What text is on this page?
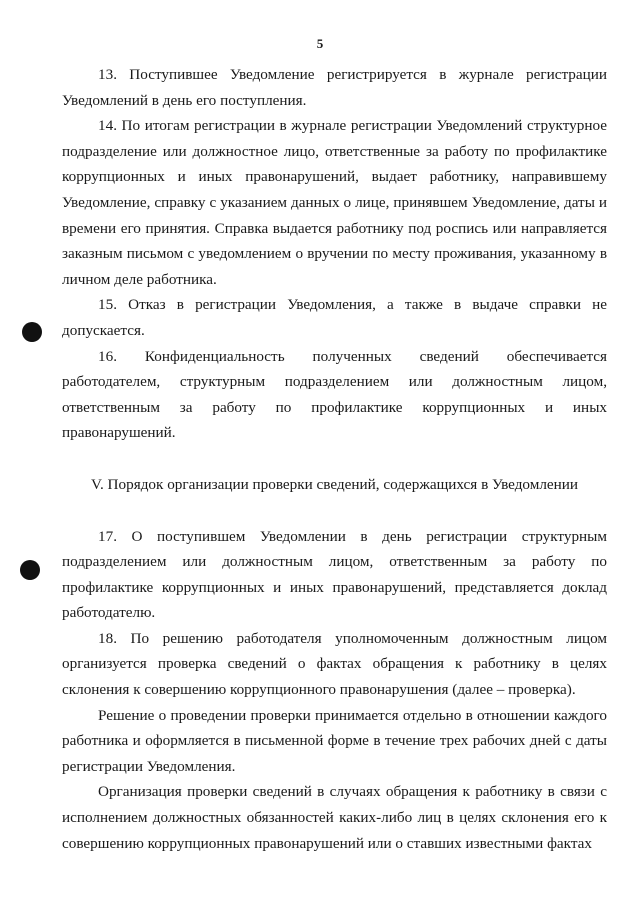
5

13. Поступившее Уведомление регистрируется в журнале регистрации Уведомлений в день его поступления.

14. По итогам регистрации в журнале регистрации Уведомлений структурное подразделение или должностное лицо, ответственные за работу по профилактике коррупционных и иных правонарушений, выдает работнику, направившему Уведомление, справку с указанием данных о лице, принявшем Уведомление, даты и времени его принятия. Справка выдается работнику под роспись или направляется заказным письмом с уведомлением о вручении по месту проживания, указанному в личном деле работника.

15. Отказ в регистрации Уведомления, а также в выдаче справки не допускается.

16. Конфиденциальность полученных сведений обеспечивается работодателем, структурным подразделением или должностным лицом, ответственным за работу по профилактике коррупционных и иных правонарушений.

V. Порядок организации проверки сведений, содержащихся в Уведомлении

17. О поступившем Уведомлении в день регистрации структурным подразделением или должностным лицом, ответственным за работу по профилактике коррупционных и иных правонарушений, представляется доклад работодателю.

18. По решению работодателя уполномоченным должностным лицом организуется проверка сведений о фактах обращения к работнику в целях склонения к совершению коррупционного правонарушения (далее – проверка).

Решение о проведении проверки принимается отдельно в отношении каждого работника и оформляется в письменной форме в течение трех рабочих дней с даты регистрации Уведомления.

Организация проверки сведений в случаях обращения к работнику в связи с исполнением должностных обязанностей каких-либо лиц в целях склонения его к совершению коррупционных правонарушений или о ставших известными фактах
